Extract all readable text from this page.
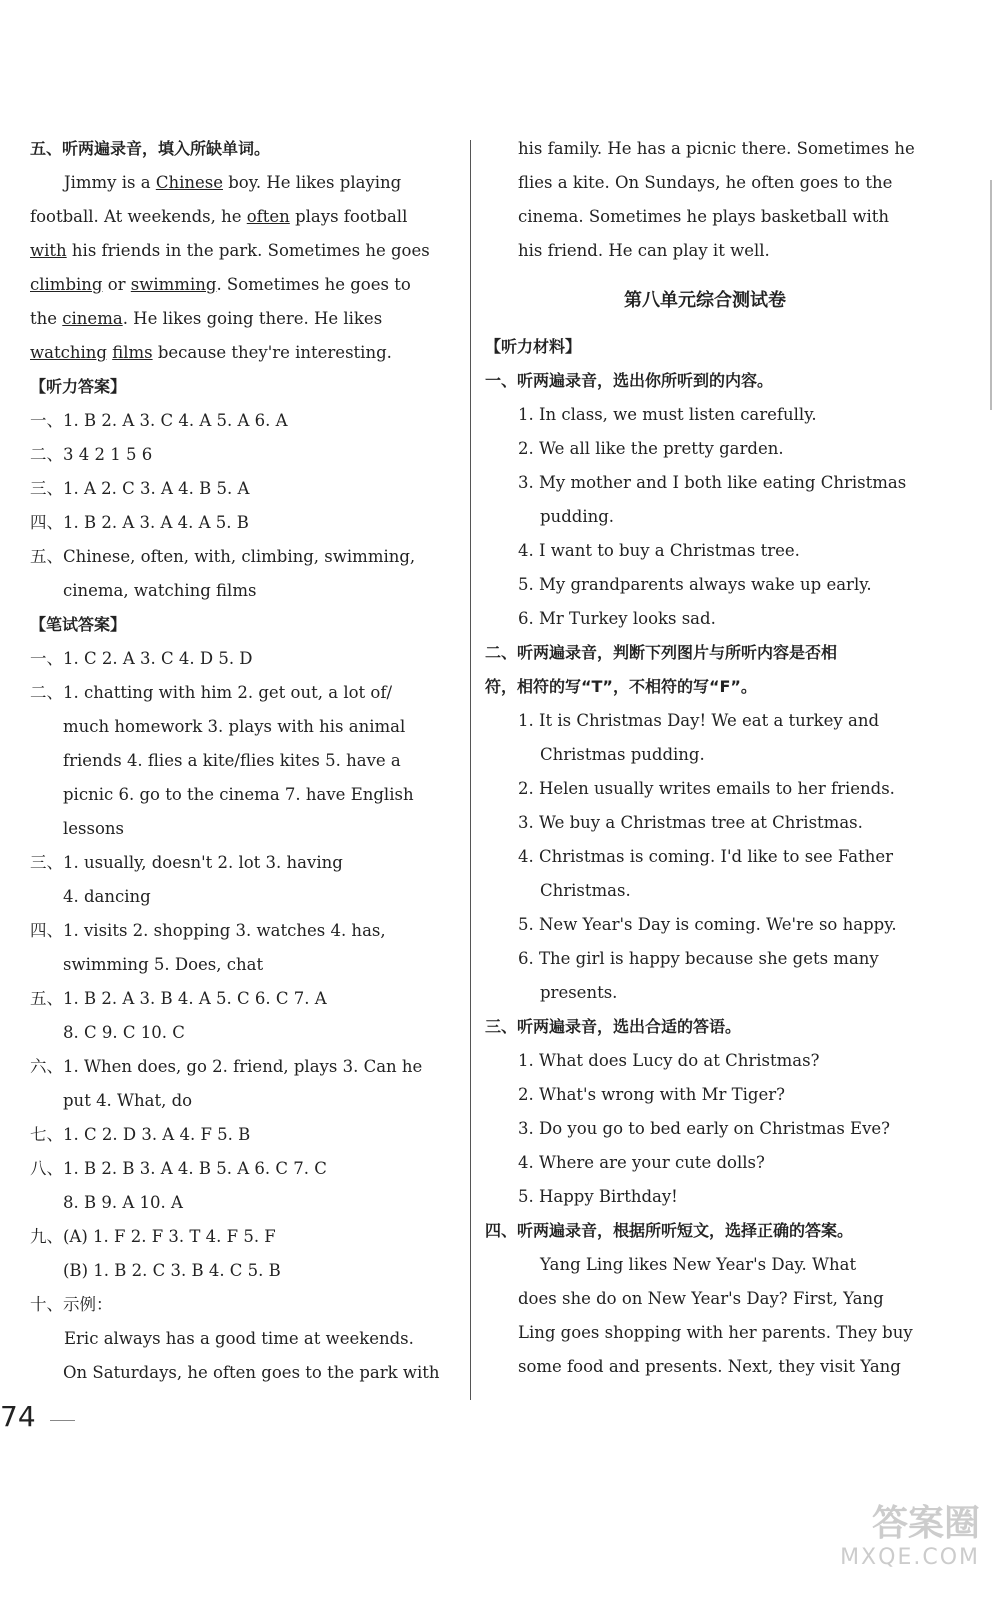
五、听两遍录音，填入所缺单词。
Jimmy is a Chinese boy. He likes playing
football. At weekends, he often plays football
with his friends in the park. Sometimes he goes
climbing or swimming. Sometimes he goes to
the cinema. He likes going there. He likes
watching films because they're interesting.
【听力答案】
一、1. B 2. A 3. C 4. A 5. A 6. A
二、3 4 2 1 5 6
三、1. A 2. C 3. A 4. B 5. A
四、1. B 2. A 3. A 4. A 5. B
五、Chinese, often, with, climbing, swimming,
cinema, watching films
【笔试答案】
一、1. C 2. A 3. C 4. D 5. D
二、1. chatting with him 2. get out, a lot of/
much homework 3. plays with his animal
friends 4. flies a kite/flies kites 5. have a
picnic 6. go to the cinema 7. have English
lessons
三、1. usually, doesn't 2. lot 3. having
4. dancing
四、1. visits 2. shopping 3. watches 4. has,
swimming 5. Does, chat
五、1. B 2. A 3. B 4. A 5. C 6. C 7. A
8. C 9. C 10. C
六、1. When does, go 2. friend, plays 3. Can he
put 4. What, do
七、1. C 2. D 3. A 4. F 5. B
八、1. B 2. B 3. A 4. B 5. A 6. C 7. C
8. B 9. A 10. A
九、(A) 1. F 2. F 3. T 4. F 5. F
(B) 1. B 2. C 3. B 4. C 5. B
十、示例：
Eric always has a good time at weekends.
On Saturdays, he often goes to the park with
his family. He has a picnic there. Sometimes he
flies a kite. On Sundays, he often goes to the
cinema. Sometimes he plays basketball with
his friend. He can play it well.
第八单元综合测试卷
【听力材料】
一、听两遍录音，选出你所听到的内容。
1. In class, we must listen carefully.
2. We all like the pretty garden.
3. My mother and I both like eating Christmas
pudding.
4. I want to buy a Christmas tree.
5. My grandparents always wake up early.
6. Mr Turkey looks sad.
二、听两遍录音，判断下列图片与所听内容是否相
符，相符的写“T”，不相符的写“F”。
1. It is Christmas Day! We eat a turkey and
Christmas pudding.
2. Helen usually writes emails to her friends.
3. We buy a Christmas tree at Christmas.
4. Christmas is coming. I'd like to see Father
Christmas.
5. New Year's Day is coming. We're so happy.
6. The girl is happy because she gets many
presents.
三、听两遍录音，选出合适的答语。
1. What does Lucy do at Christmas?
2. What's wrong with Mr Tiger?
3. Do you go to bed early on Christmas Eve?
4. Where are your cute dolls?
5. Happy Birthday!
四、听两遍录音，根据所听短文，选择正确的答案。
Yang Ling likes New Year's Day. What
does she do on New Year's Day? First, Yang
Ling goes shopping with her parents. They buy
some food and presents. Next, they visit Yang
74
答案圈
MXQE.COM
